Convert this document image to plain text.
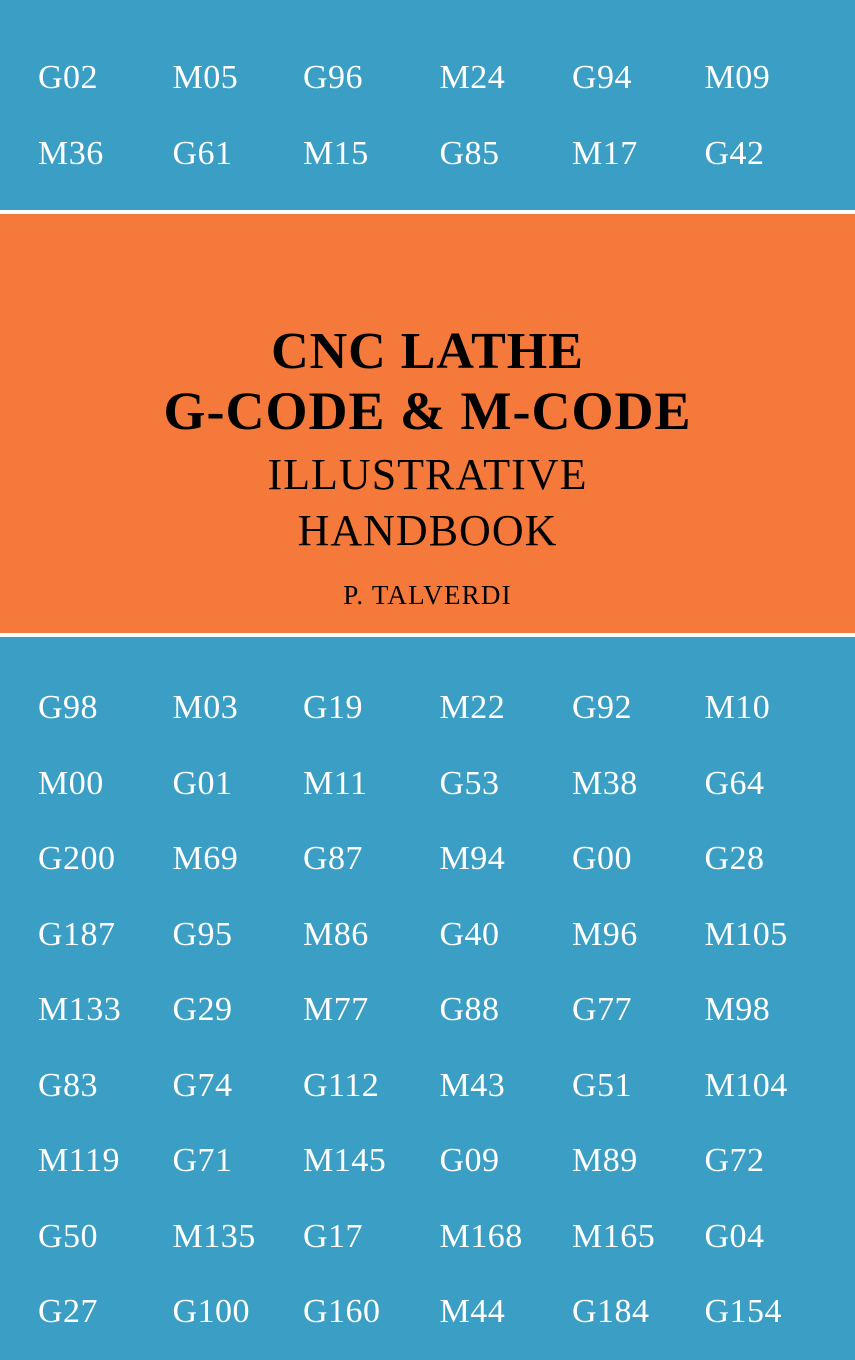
G02	M05	G96	M24	G94	M09
M36	G61	M15	G85	M17	G42
CNC LATHE
G-CODE & M-CODE
ILLUSTRATIVE
HANDBOOK
P. TALVERDI
G98	M03	G19	M22	G92	M10
M00	G01	M11	G53	M38	G64
G200	M69	G87	M94	G00	G28
G187	G95	M86	G40	M96	M105
M133	G29	M77	G88	G77	M98
G83	G74	G112	M43	G51	M104
M119	G71	M145	G09	M89	G72
G50	M135	G17	M168	M165	G04
G27	G100	G160	M44	G184	G154
